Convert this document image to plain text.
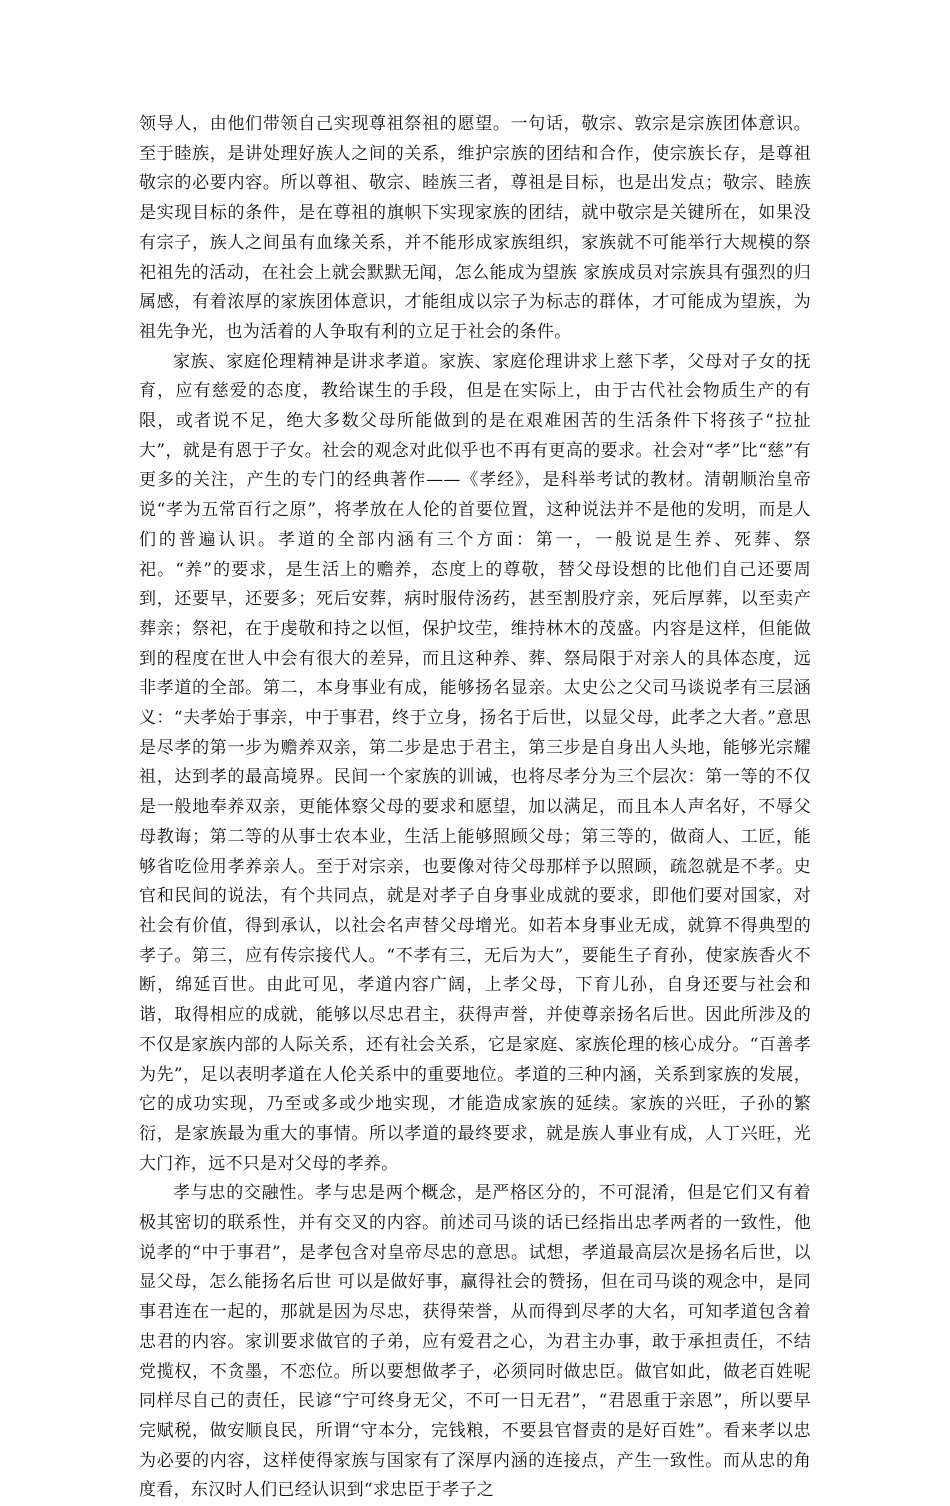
领导人，由他们带领自己实现尊祖祭祖的愿望。一句话，敬宗、敦宗是宗族团体意识。至于睦族，是讲处理好族人之间的关系，维护宗族的团结和合作，使宗族长存，是尊祖敬宗的必要内容。所以尊祖、敬宗、睦族三者，尊祖是目标，也是出发点；敬宗、睦族是实现目标的条件，是在尊祖的旗帜下实现家族的团结，就中敬宗是关键所在，如果没有宗子，族人之间虽有血缘关系，并不能形成家族组织，家族就不可能举行大规模的祭祀祖先的活动，在社会上就会默默无闻，怎么能成为望族 家族成员对宗族具有强烈的归属感，有着浓厚的家族团体意识，才能组成以宗子为标志的群体，才可能成为望族，为祖先争光，也为活着的人争取有利的立足于社会的条件。

家族、家庭伦理精神是讲求孝道。家族、家庭伦理讲求上慈下孝，父母对子女的抚育，应有慈爱的态度，教给谋生的手段，但是在实际上，由于古代社会物质生产的有限，或者说不足，绝大多数父母所能做到的是在艰难困苦的生活条件下将孩子“拉扯大”，就是有恩于子女。社会的观念对此似乎也不再有更高的要求。社会对“孝”比“慈”有更多的关注，产生的专门的经典著作——《孝经》，是科举考试的教材。清朝顺治皇帝说“孝为五常百行之原”，将孝放在人伦的首要位置，这种说法并不是他的发明，而是人们的普遍认识。孝道的全部内涵有三个方面：第一，一般说是生养、死葬、祭祀。“养”的要求，是生活上的赡养，态度上的尊敬，替父母设想的比他们自己还要周到，还要早，还要多；死后安葬，病时服侍汤药，甚至割股疗亲，死后厚葬，以至卖产葬亲；祭祀，在于虔敬和持之以恒，保护坟茔，维持林木的茂盛。内容是这样，但能做到的程度在世人中会有很大的差异，而且这种养、葬、祭局限于对亲人的具体态度，远非孝道的全部。第二，本身事业有成，能够扬名显亲。太史公之父司马谈说孝有三层涵义：“夫孝始于事亲，中于事君，终于立身，扬名于后世，以显父母，此孝之大者。”意思是尽孝的第一步为赡养双亲，第二步是忠于君主，第三步是自身出人头地，能够光宗耀祖，达到孝的最高境界。民间一个家族的训诫，也将尽孝分为三个层次：第一等的不仅是一般地奉养双亲，更能体察父母的要求和愿望，加以满足，而且本人声名好，不辱父母教诲；第二等的从事士农本业，生活上能够照顾父母；第三等的，做商人、工匠，能够省吃俭用孝养亲人。至于对宗亲，也要像对待父母那样予以照顾，疏忽就是不孝。史官和民间的说法，有个共同点，就是对孝子自身事业成就的要求，即他们要对国家，对社会有价值，得到承认，以社会名声替父母增光。如若本身事业无成，就算不得典型的孝子。第三，应有传宗接代人。“不孝有三，无后为大”，要能生子育孙，使家族香火不断，绵延百世。由此可见，孝道内容广阔，上孝父母，下育儿孙，自身还要与社会和谐，取得相应的成就，能够以尽忠君主，获得声誉，并使尊亲扬名后世。因此所涉及的不仅是家族内部的人际关系，还有社会关系，它是家庭、家族伦理的核心成分。“百善孝为先”，足以表明孝道在人伦关系中的重要地位。孝道的三种内涵，关系到家族的发展，它的成功实现，乃至或多或少地实现，才能造成家族的延续。家族的兴旺，子孙的繁衍，是家族最为重大的事情。所以孝道的最终要求，就是族人事业有成，人丁兴旺，光大门祚，远不只是对父母的孝养。

孝与忠的交融性。孝与忠是两个概念，是严格区分的，不可混淆，但是它们又有着极其密切的联系性，并有交叉的内容。前述司马谈的话已经指出忠孝两者的一致性，他说孝的“中于事君”，是孝包含对皇帝尽忠的意思。试想，孝道最高层次是扬名后世，以显父母，怎么能扬名后世 可以是做好事，赢得社会的赞扬，但在司马谈的观念中，是同事君连在一起的，那就是因为尽忠，获得荣誉，从而得到尽孝的大名，可知孝道包含着忠君的内容。家训要求做官的子弟，应有爱君之心，为君主办事，敢于承担责任，不结党揽权，不贪墨，不恋位。所以要想做孝子，必须同时做忠臣。做官如此，做老百姓呢 同样尽自己的责任，民谚“宁可终身无父，不可一日无君”，“君恩重于亲恩”，所以要早完赋税，做安顺良民，所谓“守本分，完钱粮，不要县官督责的是好百姓”。看来孝以忠为必要的内容，这样使得家族与国家有了深厚内涵的连接点，产生一致性。而从忠的角度看，东汉时人们已经认识到“求忠臣于孝子之
